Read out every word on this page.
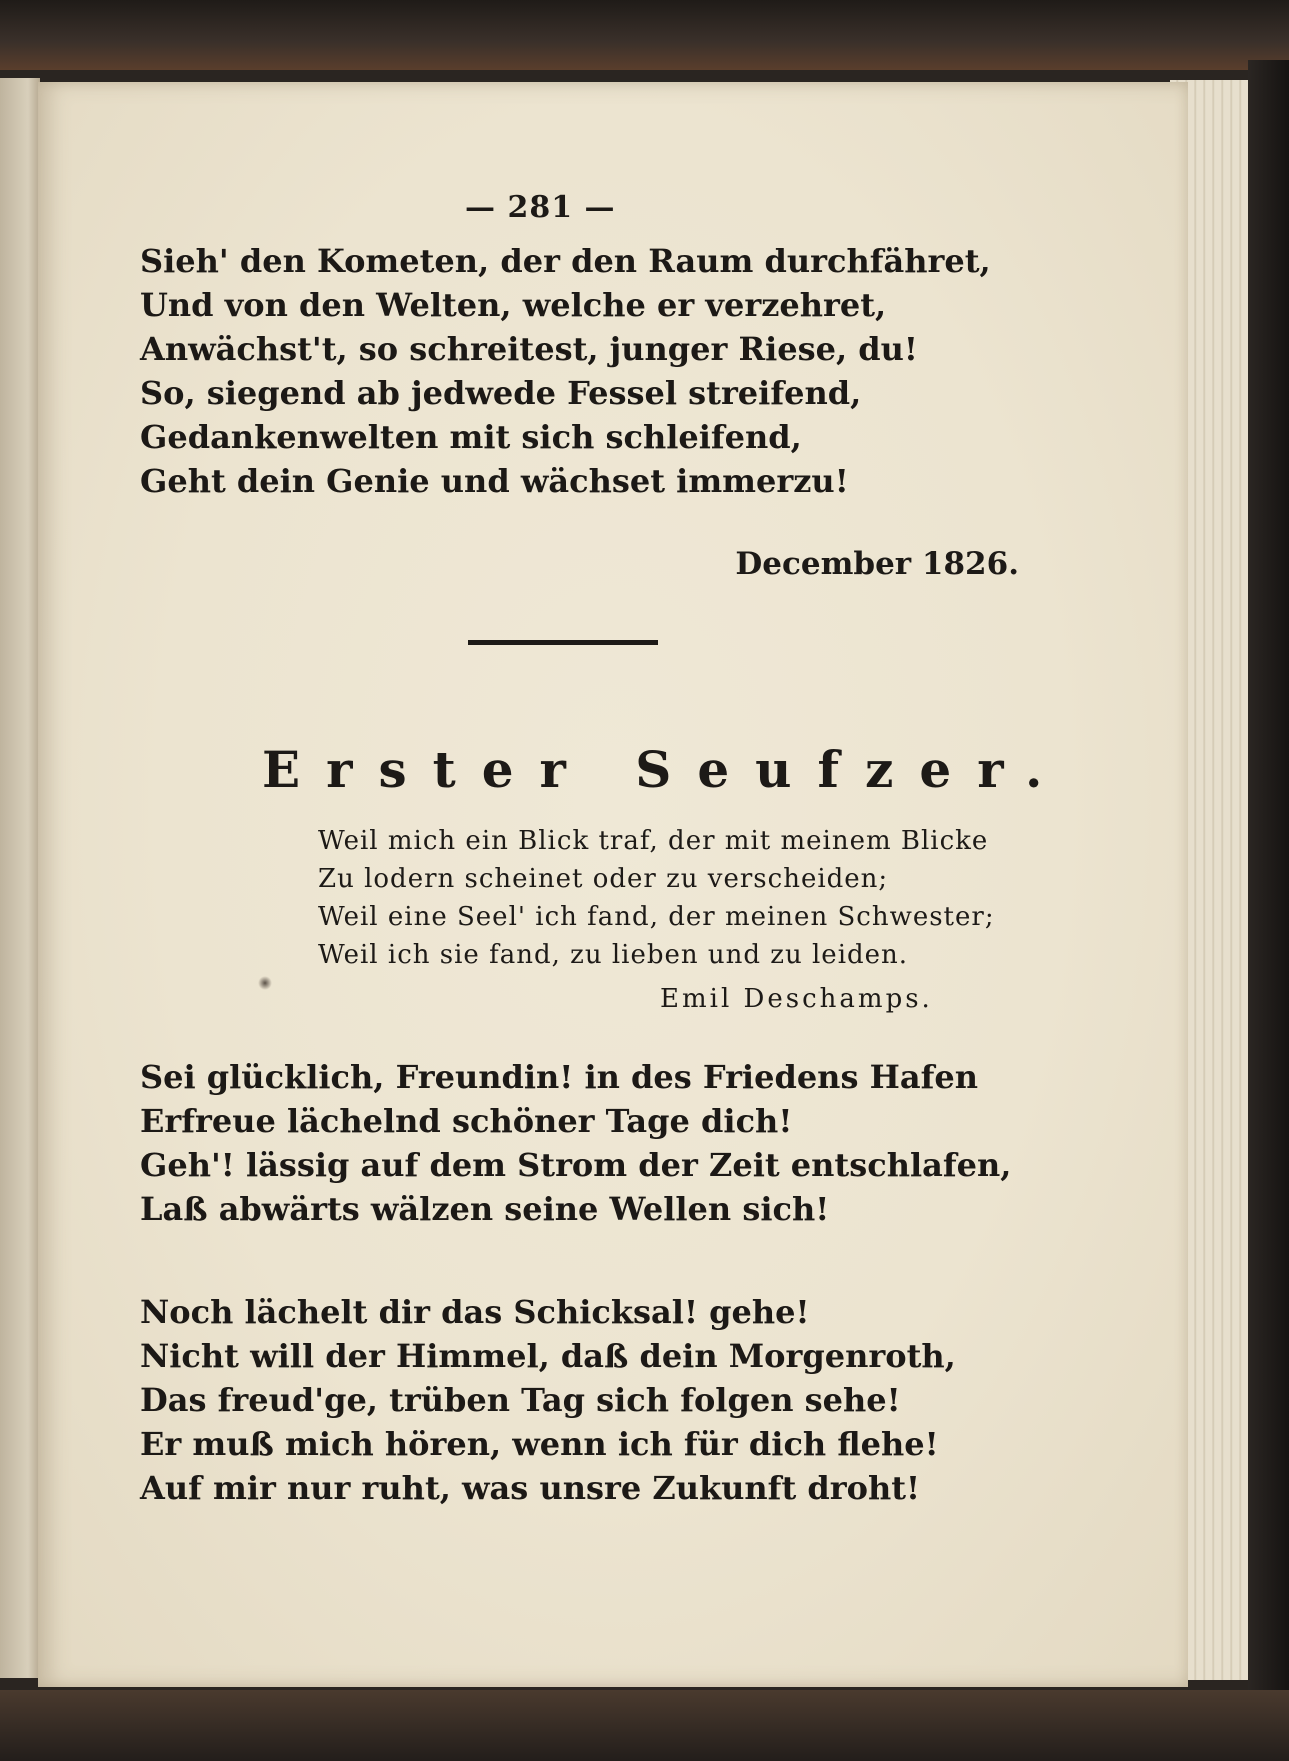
— 281 —
Sieh' den Kometen, der den Raum durchfähret,
Und von den Welten, welche er verzehret,
Anwächst't, so schreitest, junger Riese, du!
So, siegend ab jedwede Fessel streifend,
Gedankenwelten mit sich schleifend,
Geht dein Genie und wächset immerzu!
December 1826.
Erster Seufzer.
Weil mich ein Blick traf, der mit meinem Blicke
Zu lodern scheinet oder zu verscheiden;
Weil eine Seel' ich fand, der meinen Schwester;
Weil ich sie fand, zu lieben und zu leiden.
Emil Deschamps.
Sei glücklich, Freundin! in des Friedens Hafen
Erfreue lächelnd schöner Tage dich!
Geh'! lässig auf dem Strom der Zeit entschlafen,
Laß abwärts wälzen seine Wellen sich!
Noch lächelt dir das Schicksal! gehe!
Nicht will der Himmel, daß dein Morgenroth,
Das freud'ge, trüben Tag sich folgen sehe!
Er muß mich hören, wenn ich für dich flehe!
Auf mir nur ruht, was unsre Zukunft droht!
